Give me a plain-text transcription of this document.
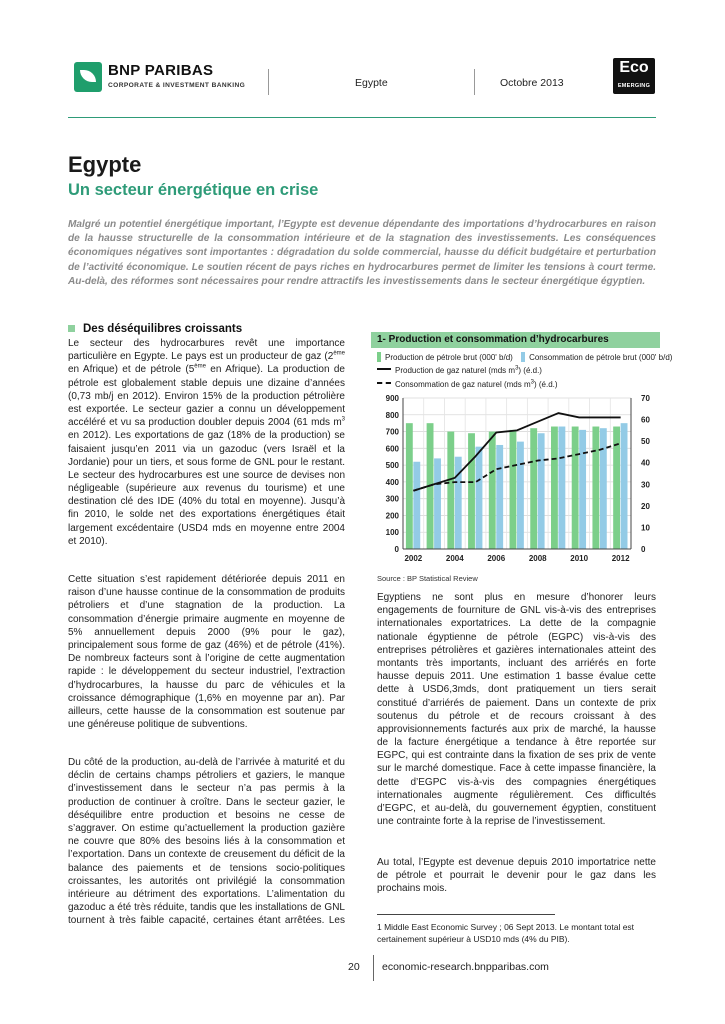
BNP PARIBAS
CORPORATE & INVESTMENT BANKING	Egypte	Octobre 2013
Eco
EMERGING
Egypte
Un secteur énergétique en crise
Malgré un potentiel énergétique important, l’Egypte est devenue dépendante des importations d’hydrocarbures en raison
de la hausse structurelle de la consommation intérieure et de la stagnation des investissements. Les conséquences
économiques négatives sont importantes : dégradation du solde commercial, hausse du déficit budgétaire et perturbation
de l’activité économique. Le soutien récent de pays riches en hydrocarbures permet de limiter les tensions à court terme.
Au-delà, des réformes sont nécessaires pour rendre attractifs les investissements dans le secteur énergétique égyptien.
Des déséquilibres croissants
Le secteur des hydrocarbures revêt une importance
particulière en Egypte. Le pays est un producteur de gaz (2ème
en Afrique) et de pétrole (5ème en Afrique). La production de
pétrole est globalement stable depuis une dizaine d’années
(0,73 mb/j en 2012). Environ 15% de la production pétrolière
est exportée. Le secteur gazier a connu un développement
accéléré et vu sa production doubler depuis 2004 (61 mds $m^3$
en 2012). Les exportations de gaz (18% de la production) se
faisaient jusqu’en 2011 via un gazoduc (vers Israël et la
Jordanie) pour un tiers, et sous forme de GNL pour le restant.
Le secteur des hydrocarbures est une source de devises non
négligeable (supérieure aux revenus du tourisme) et une
destination clé des IDE (40% du total en moyenne). Jusqu’à
fin 2010, le solde net des exportations énergétiques était
largement excédentaire (USD4 mds en moyenne entre 2004
et 2010).
Cette situation s’est rapidement détériorée depuis 2011 en
raison d’une hausse continue de la consommation de produits
pétroliers et d’une stagnation de la production. La
consommation d’énergie primaire augmente en moyenne de
5% annuellement depuis 2000 (9% pour le gaz),
principalement sous forme de gaz (46%) et de pétrole (41%).
De nombreux facteurs sont à l’origine de cette augmentation
rapide : le développement du secteur industriel, l’extraction
d’hydrocarbures, la hausse du parc de véhicules et la
croissance démographique (1,6% en moyenne par an). Par
ailleurs, cette hausse de la consommation est soutenue par
une généreuse politique de subventions.
Du côté de la production, au-delà de l’arrivée à maturité et du
déclin de certains champs pétroliers et gaziers, le manque
d’investissement dans le secteur n’a pas permis à la
production de continuer à croître. Dans le secteur gazier, le
déséquilibre entre production et besoins ne cesse de
s’aggraver. On estime qu’actuellement la production gazière
ne couvre que 80% des besoins liés à la consommation et
l’exportation. Dans un contexte de creusement du déficit de la
balance des paiements et de tensions socio-politiques
croissantes, les autorités ont privilégié la consommation
intérieure au détriment des exportations. L’alimentation du
gazoduc a été très réduite, tandis que les installations de GNL
tournent à très faible capacité, certaines étant arrêtées. Les
1- Production et consommation d’hydrocarbures
Production de pétrole brut (000' b/d) Consommation de pétrole brut (000' b/d)
Production de gaz naturel (mds $m^3$) (é.d.)
Consommation de gaz naturel (mds $m^3$) (é.d.)
0
100
200
300
400
500
600
700
800
900
0
10
20
30
40
50
60
70
2002	2004	2006	2008	2010	2012
Source : BP Statistical Review
Egyptiens ne sont plus en mesure d’honorer leurs
engagements de fourniture de GNL vis-à-vis des entreprises
internationales exportatrices. La dette de la compagnie
nationale égyptienne de pétrole (EGPC) vis-à-vis des
entreprises pétrolières et gazières internationales atteint des
montants très importants, incluant des arriérés en forte
hausse depuis 2011. Une estimation 1 basse évalue cette
dette à USD6,3mds, dont pratiquement un tiers serait
constitué d’arriérés de paiement. Dans un contexte de prix
soutenus du pétrole et de recours croissant à des
approvisionnements facturés aux prix de marché, la hausse
de la facture énergétique a tendance à être reportée sur
EGPC, qui est contrainte dans la fixation de ses prix de vente
sur le marché domestique. Face à cette impasse financière, la
dette d’EGPC vis-à-vis des compagnies énergétiques
internationales augmente régulièrement. Ces difficultés
d’EGPC, et au-delà, du gouvernement égyptien, constituent
une contrainte forte à la reprise de l’investissement.
Au total, l’Egypte est devenue depuis 2010 importatrice nette
de pétrole et pourrait le devenir pour le gaz dans les
prochains mois.
1 Middle East Economic Survey ; 06 Sept 2013. Le montant total est
certainement supérieur à USD10 mds (4% du PIB).
20 economic-research.bnpparibas.com
